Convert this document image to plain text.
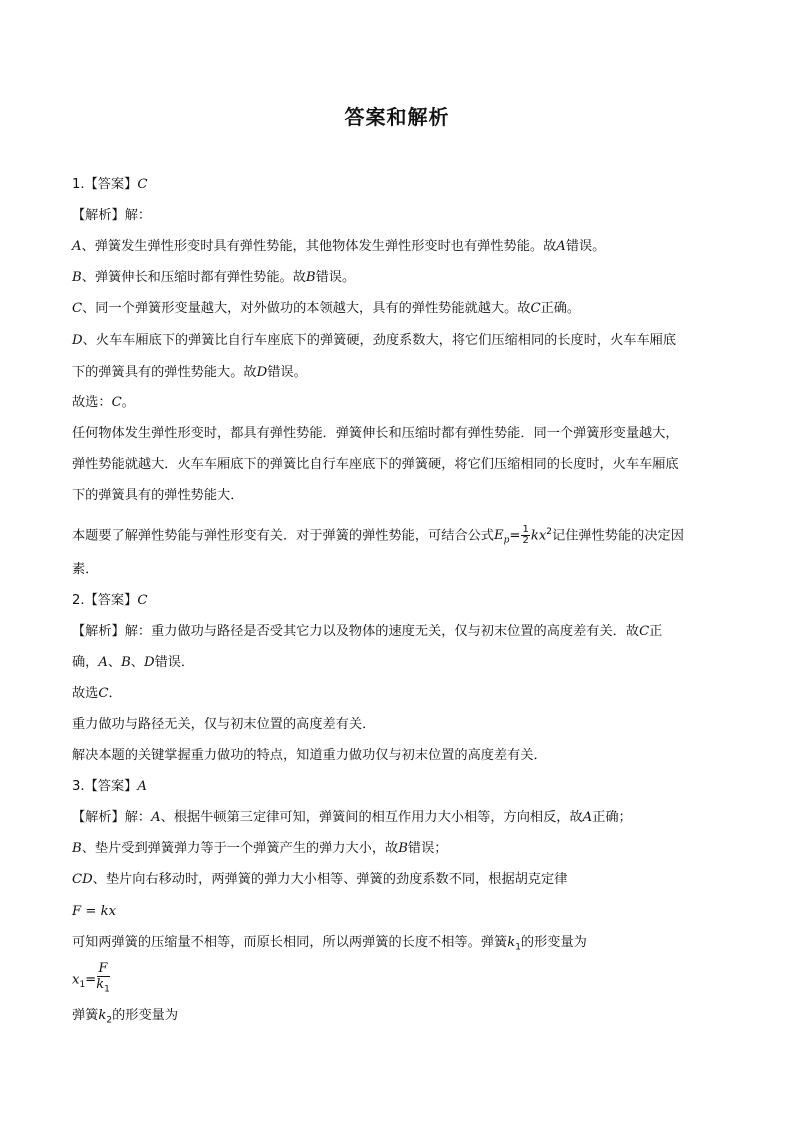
答案和解析
1.【答案】C
【解析】解：
A、弹簧发生弹性形变时具有弹性势能，其他物体发生弹性形变时也有弹性势能。故A错误。
B、弹簧伸长和压缩时都有弹性势能。故B错误。
C、同一个弹簧形变量越大，对外做功的本领越大，具有的弹性势能就越大。故C正确。
D、火车车厢底下的弹簧比自行车座底下的弹簧硬，劲度系数大，将它们压缩相同的长度时，火车车厢底
下的弹簧具有的弹性势能大。故D错误。
故选：C。
任何物体发生弹性形变时，都具有弹性势能．弹簧伸长和压缩时都有弹性势能．同一个弹簧形变量越大，
弹性势能就越大．火车车厢底下的弹簧比自行车座底下的弹簧硬，将它们压缩相同的长度时，火车车厢底
下的弹簧具有的弹性势能大．
本题要了解弹性势能与弹性形变有关．对于弹簧的弹性势能，可结合公式$E_p= \frac{1}{2} kx^2$记住弹性势能的决定因
素．
2.【答案】C
【解析】解：重力做功与路径是否受其它力以及物体的速度无关，仅与初末位置的高度差有关．故C正
确，A、B、D错误．
故选C．
重力做功与路径无关，仅与初末位置的高度差有关．
解决本题的关键掌握重力做功的特点，知道重力做功仅与初末位置的高度差有关．
3.【答案】A
【解析】解：A、根据牛顿第三定律可知，弹簧间的相互作用力大小相等，方向相反，故A正确；
B、垫片受到弹簧弹力等于一个弹簧产生的弹力大小，故B错误；
CD、垫片向右移动时，两弹簧的弹力大小相等、弹簧的劲度系数不同，根据胡克定律
F = kx
可知两弹簧的压缩量不相等，而原长相同，所以两弹簧的长度不相等。弹簧$k_1$的形变量为
$x_1=\frac{F}{k_1}$
弹簧$k_2$的形变量为
